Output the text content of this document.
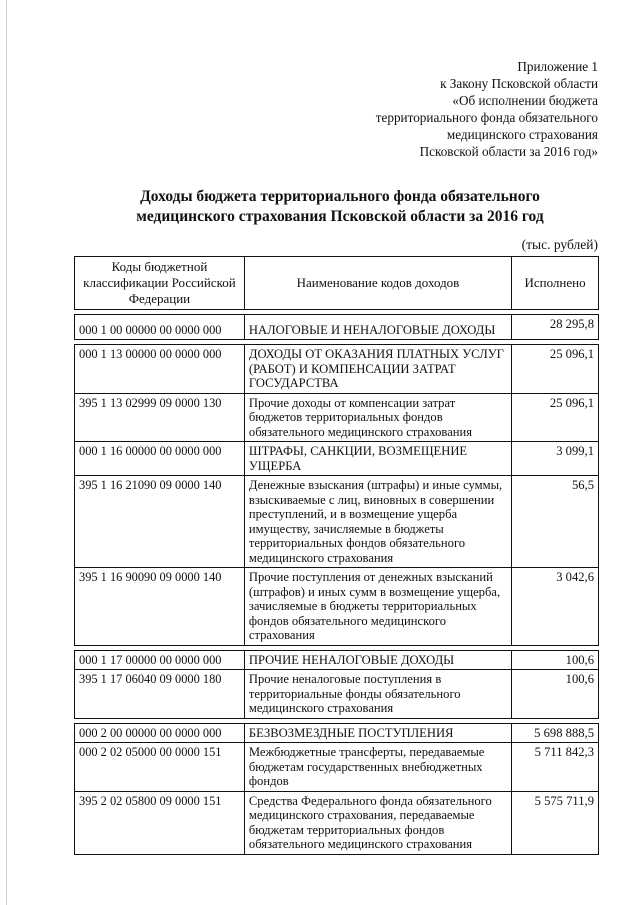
Приложение 1
к Закону Псковской области
«Об исполнении бюджета
территориального фонда обязательного
медицинского страхования
Псковской области за 2016 год»
Доходы бюджета территориального фонда обязательного
медицинского страхования Псковской области за 2016 год
(тыс. рублей)
Коды бюджетной классификации Российской Федерации	Наименование кодов доходов	Исполнено

000 1 00 00000 00 0000 000	НАЛОГОВЫЕ И НЕНАЛОГОВЫЕ ДОХОДЫ	28 295,8

000 1 13 00000 00 0000 000	ДОХОДЫ ОТ ОКАЗАНИЯ ПЛАТНЫХ УСЛУГ (РАБОТ) И КОМПЕНСАЦИИ ЗАТРАТ ГОСУДАРСТВА	25 096,1
395 1 13 02999 09 0000 130	Прочие доходы от компенсации затрат бюджетов территориальных фондов обязательного медицинского страхования	25 096,1
000 1 16 00000 00 0000 000	ШТРАФЫ, САНКЦИИ, ВОЗМЕЩЕНИЕ УЩЕРБА	3 099,1
395 1 16 21090 09 0000 140	Денежные взыскания (штрафы) и иные суммы, взыскиваемые с лиц, виновных в совершении преступлений, и в возмещение ущерба имуществу, зачисляемые в бюджеты территориальных фондов обязательного медицинского страхования	56,5
395 1 16 90090 09 0000 140	Прочие поступления от денежных взысканий (штрафов) и иных сумм в возмещение ущерба, зачисляемые в бюджеты территориальных фондов обязательного медицинского страхования	3 042,6

000 1 17 00000 00 0000 000	ПРОЧИЕ НЕНАЛОГОВЫЕ ДОХОДЫ	100,6
395 1 17 06040 09 0000 180	Прочие неналоговые поступления в территориальные фонды обязательного медицинского страхования	100,6

000 2 00 00000 00 0000 000	БЕЗВОЗМЕЗДНЫЕ ПОСТУПЛЕНИЯ	5 698 888,5
000 2 02 05000 00 0000 151	Межбюджетные трансферты, передаваемые бюджетам государственных внебюджетных фондов	5 711 842,3
395 2 02 05800 09 0000 151	Средства Федерального фонда обязательного медицинского страхования, передаваемые бюджетам территориальных фондов обязательного медицинского страхования	5 575 711,9
